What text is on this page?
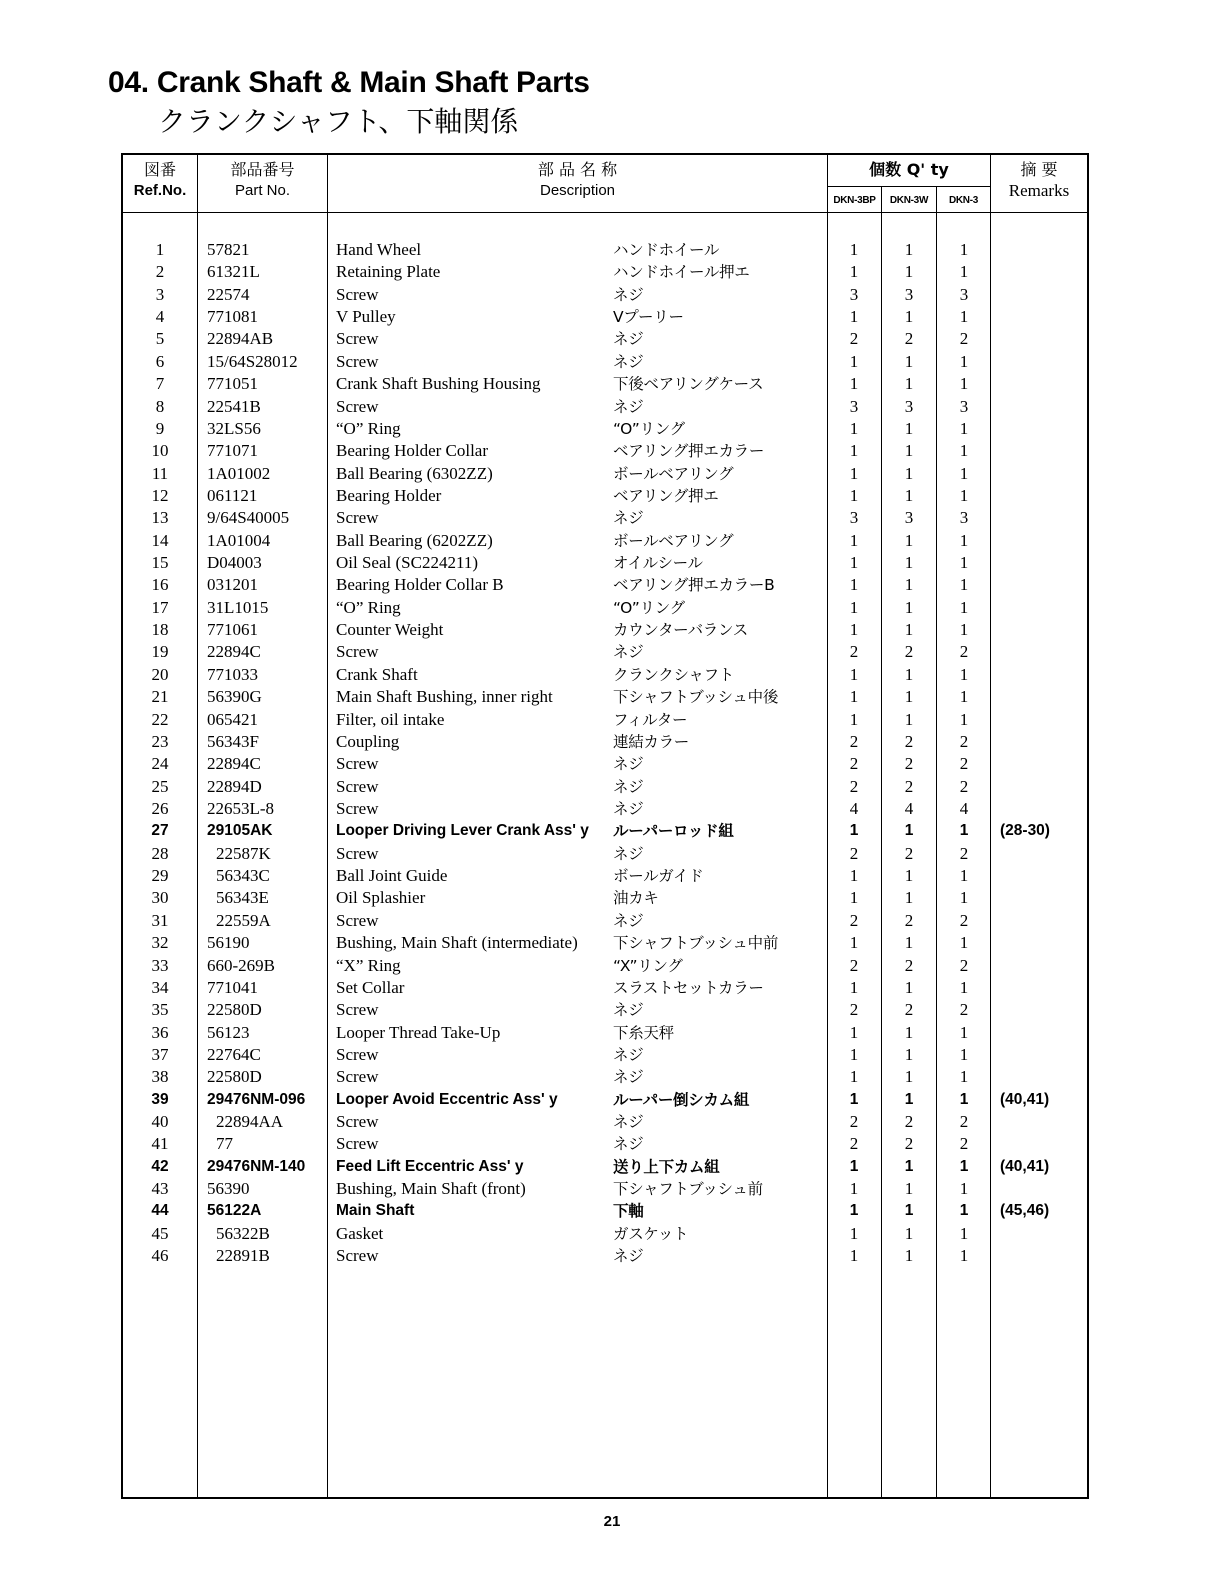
04. Crank Shaft & Main Shaft Parts
クランクシャフト、下軸関係
図番
Ref.No.
部品番号
Part No.
部 品 名 称
Description
個数 Q' ty
DKN-3BP	DKN-3W	DKN-3
摘 要
Remarks
1	57821	Hand Wheel	ハンドホイール	1	1	1
2	61321L	Retaining Plate	ハンドホイール押エ	1	1	1
3	22574	Screw	ネジ	3	3	3
4	771081	V Pulley	Vプーリー	1	1	1
5	22894AB	Screw	ネジ	2	2	2
6	15/64S28012 Screw	ネジ	1	1	1
7	771051	Crank Shaft Bushing Housing	下後ベアリングケース	1	1	1
8	22541B	Screw	ネジ	3	3	3
9	32LS56	“O” Ring	“O”リング	1	1	1
10	771071	Bearing Holder Collar	ベアリング押エカラー	1	1	1
11	1A01002	Ball Bearing (6302ZZ)	ボールベアリング	1	1	1
12	061121	Bearing Holder	ベアリング押エ	1	1	1
13	9/64S40005	Screw	ネジ	3	3	3
14	1A01004	Ball Bearing (6202ZZ)	ボールベアリング	1	1	1
15	D04003	Oil Seal (SC224211)	オイルシール	1	1	1
16	031201	Bearing Holder Collar B	ベアリング押エカラーB	1	1	1
17	31L1015	“O” Ring	“O”リング	1	1	1
18	771061	Counter Weight	カウンターバランス	1	1	1
19	22894C	Screw	ネジ	2	2	2
20	771033	Crank Shaft	クランクシャフト	1	1	1
21	56390G	Main Shaft Bushing, inner right	下シャフトブッシュ中後	1	1	1
22	065421	Filter, oil intake	フィルター	1	1	1
23	56343F	Coupling	連結カラー	2	2	2
24	22894C	Screw	ネジ	2	2	2
25	22894D	Screw	ネジ	2	2	2
26	22653L-8	Screw	ネジ	4	4	4
27	29105AK	Looper Driving Lever Crank Ass' y ルーパーロッド組	1	1	1	(28-30)
28	22587K	Screw	ネジ	2	2	2
29	56343C	Ball Joint Guide	ボールガイド	1	1	1
30	56343E	Oil Splashier	油カキ	1	1	1
31	22559A	Screw	ネジ	2	2	2
32	56190	Bushing, Main Shaft (intermediate) 下シャフトブッシュ中前	1	1	1
33	660-269B	“X” Ring	“X”リング	2	2	2
34	771041	Set Collar	スラストセットカラー	1	1	1
35	22580D	Screw	ネジ	2	2	2
36	56123	Looper Thread Take-Up	下糸天秤	1	1	1
37	22764C	Screw	ネジ	1	1	1
38	22580D	Screw	ネジ	1	1	1
39	29476NM-096 Looper Avoid Eccentric Ass' y	ルーパー倒シカム組	1	1	1	(40,41)
40	22894AA	Screw	ネジ	2	2	2
41	77	Screw	ネジ	2	2	2
42	29476NM-140 Feed Lift Eccentric Ass' y	送り上下カム組	1	1	1	(40,41)
43	56390	Bushing, Main Shaft (front)	下シャフトブッシュ前	1	1	1
44	56122A	Main Shaft	下軸	1	1	1	(45,46)
45	56322B	Gasket	ガスケット	1	1	1
46	22891B	Screw	ネジ	1	1	1
21
